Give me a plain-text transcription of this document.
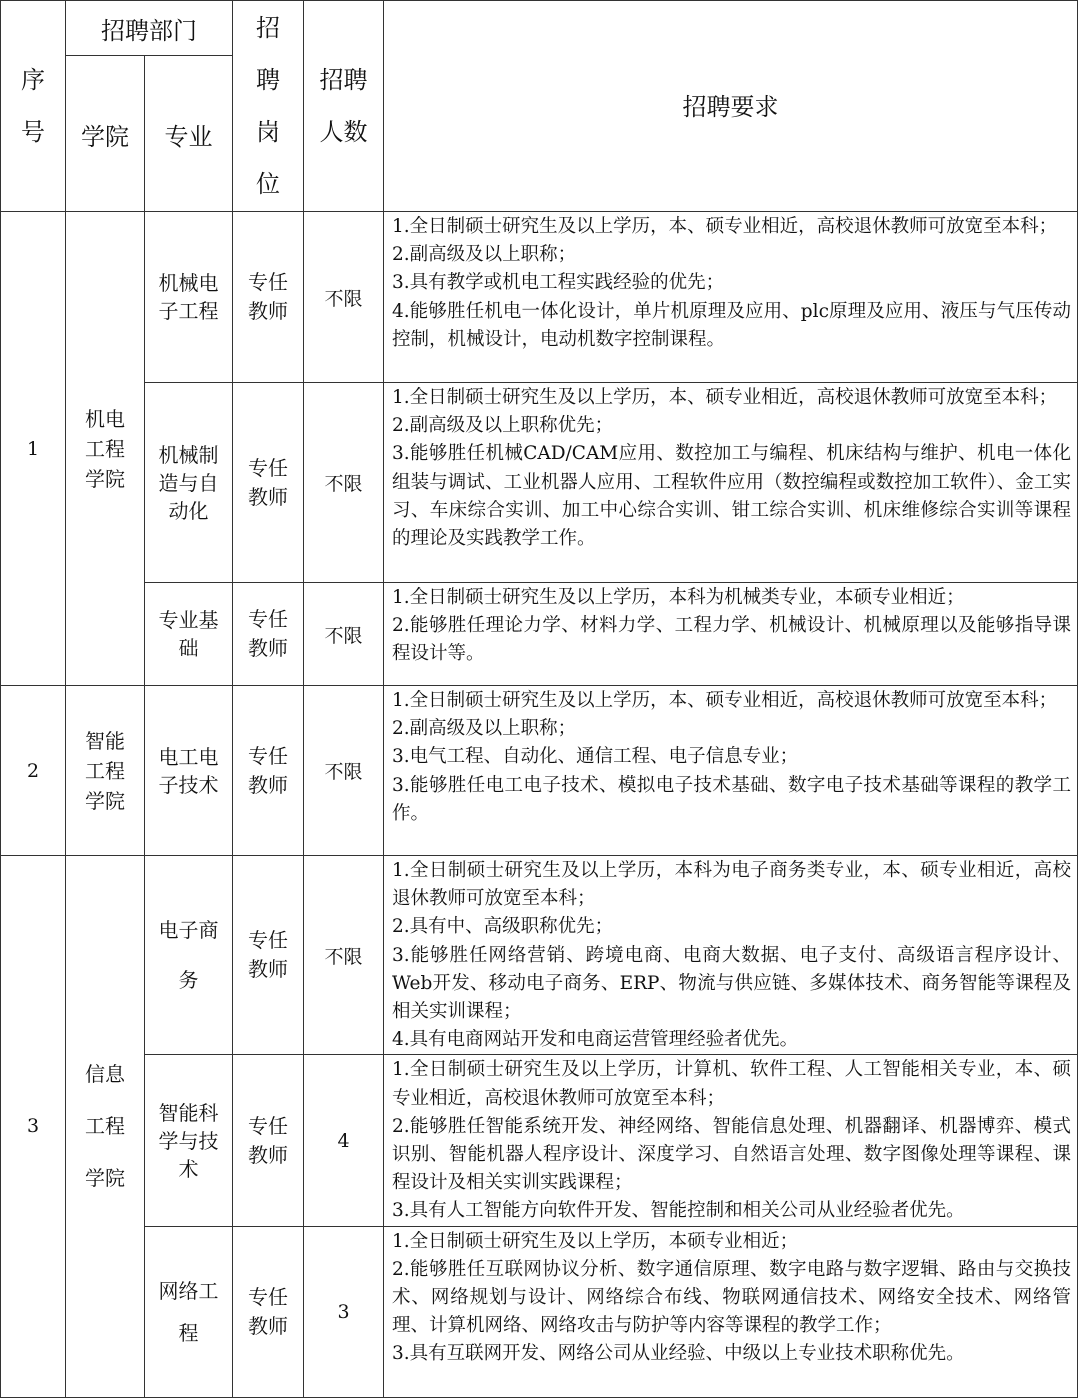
序号	招聘部门		招聘岗位	招聘人数	招聘要求
	学院	专业			
1	机电工程学院	机械电子工程	专任教师	不限	1.全日制硕士研究生及以上学历，本、硕专业相近，高校退休教师可放宽至本科；
2.副高级及以上职称；
3.具有教学或机电工程实践经验的优先；
4.能够胜任机电一体化设计，单片机原理及应用、plc原理及应用、液压与气压传动控制，机械设计，电动机数字控制课程。

		机械制造与自动化	专任教师	不限	1.全日制硕士研究生及以上学历，本、硕专业相近，高校退休教师可放宽至本科；
2.副高级及以上职称优先；
3.能够胜任机械CAD/CAM应用、数控加工与编程、机床结构与维护、机电一体化组装与调试、工业机器人应用、工程软件应用（数控编程或数控加工软件）、金工实习、车床综合实训、加工中心综合实训、钳工综合实训、机床维修综合实训等课程的理论及实践教学工作。

		专业基础	专任教师	不限	1.全日制硕士研究生及以上学历，本科为机械类专业，本硕专业相近；
2.能够胜任理论力学、材料力学、工程力学、机械设计、机械原理以及能够指导课程设计等。

2	智能工程学院	电工电子技术	专任教师	不限	1.全日制硕士研究生及以上学历，本、硕专业相近，高校退休教师可放宽至本科；
2.副高级及以上职称；
3.电气工程、自动化、通信工程、电子信息专业；
3.能够胜任电工电子技术、模拟电子技术基础、数字电子技术基础等课程的教学工作。

3	信息工程学院	电子商务	专任教师	不限	1.全日制硕士研究生及以上学历，本科为电子商务类专业，本、硕专业相近，高校退休教师可放宽至本科；
2.具有中、高级职称优先；
3.能够胜任网络营销、跨境电商、电商大数据、电子支付、高级语言程序设计、Web开发、移动电子商务、ERP、物流与供应链、多媒体技术、商务智能等课程及相关实训课程；
4.具有电商网站开发和电商运营管理经验者优先。

		智能科学与技术	专任教师	4	1.全日制硕士研究生及以上学历，计算机、软件工程、人工智能相关专业，本、硕专业相近，高校退休教师可放宽至本科；
2.能够胜任智能系统开发、神经网络、智能信息处理、机器翻译、机器博弈、模式识别、智能机器人程序设计、深度学习、自然语言处理、数字图像处理等课程、课程设计及相关实训实践课程；
3.具有人工智能方向软件开发、智能控制和相关公司从业经验者优先。

		网络工程	专任教师	3	1.全日制硕士研究生及以上学历，本硕专业相近；
2.能够胜任互联网协议分析、数字通信原理、数字电路与数字逻辑、路由与交换技术、网络规划与设计、网络综合布线、物联网通信技术、网络安全技术、网络管理、计算机网络、网络攻击与防护等内容等课程的教学工作；
3.具有互联网开发、网络公司从业经验、中级以上专业技术职称优先。
